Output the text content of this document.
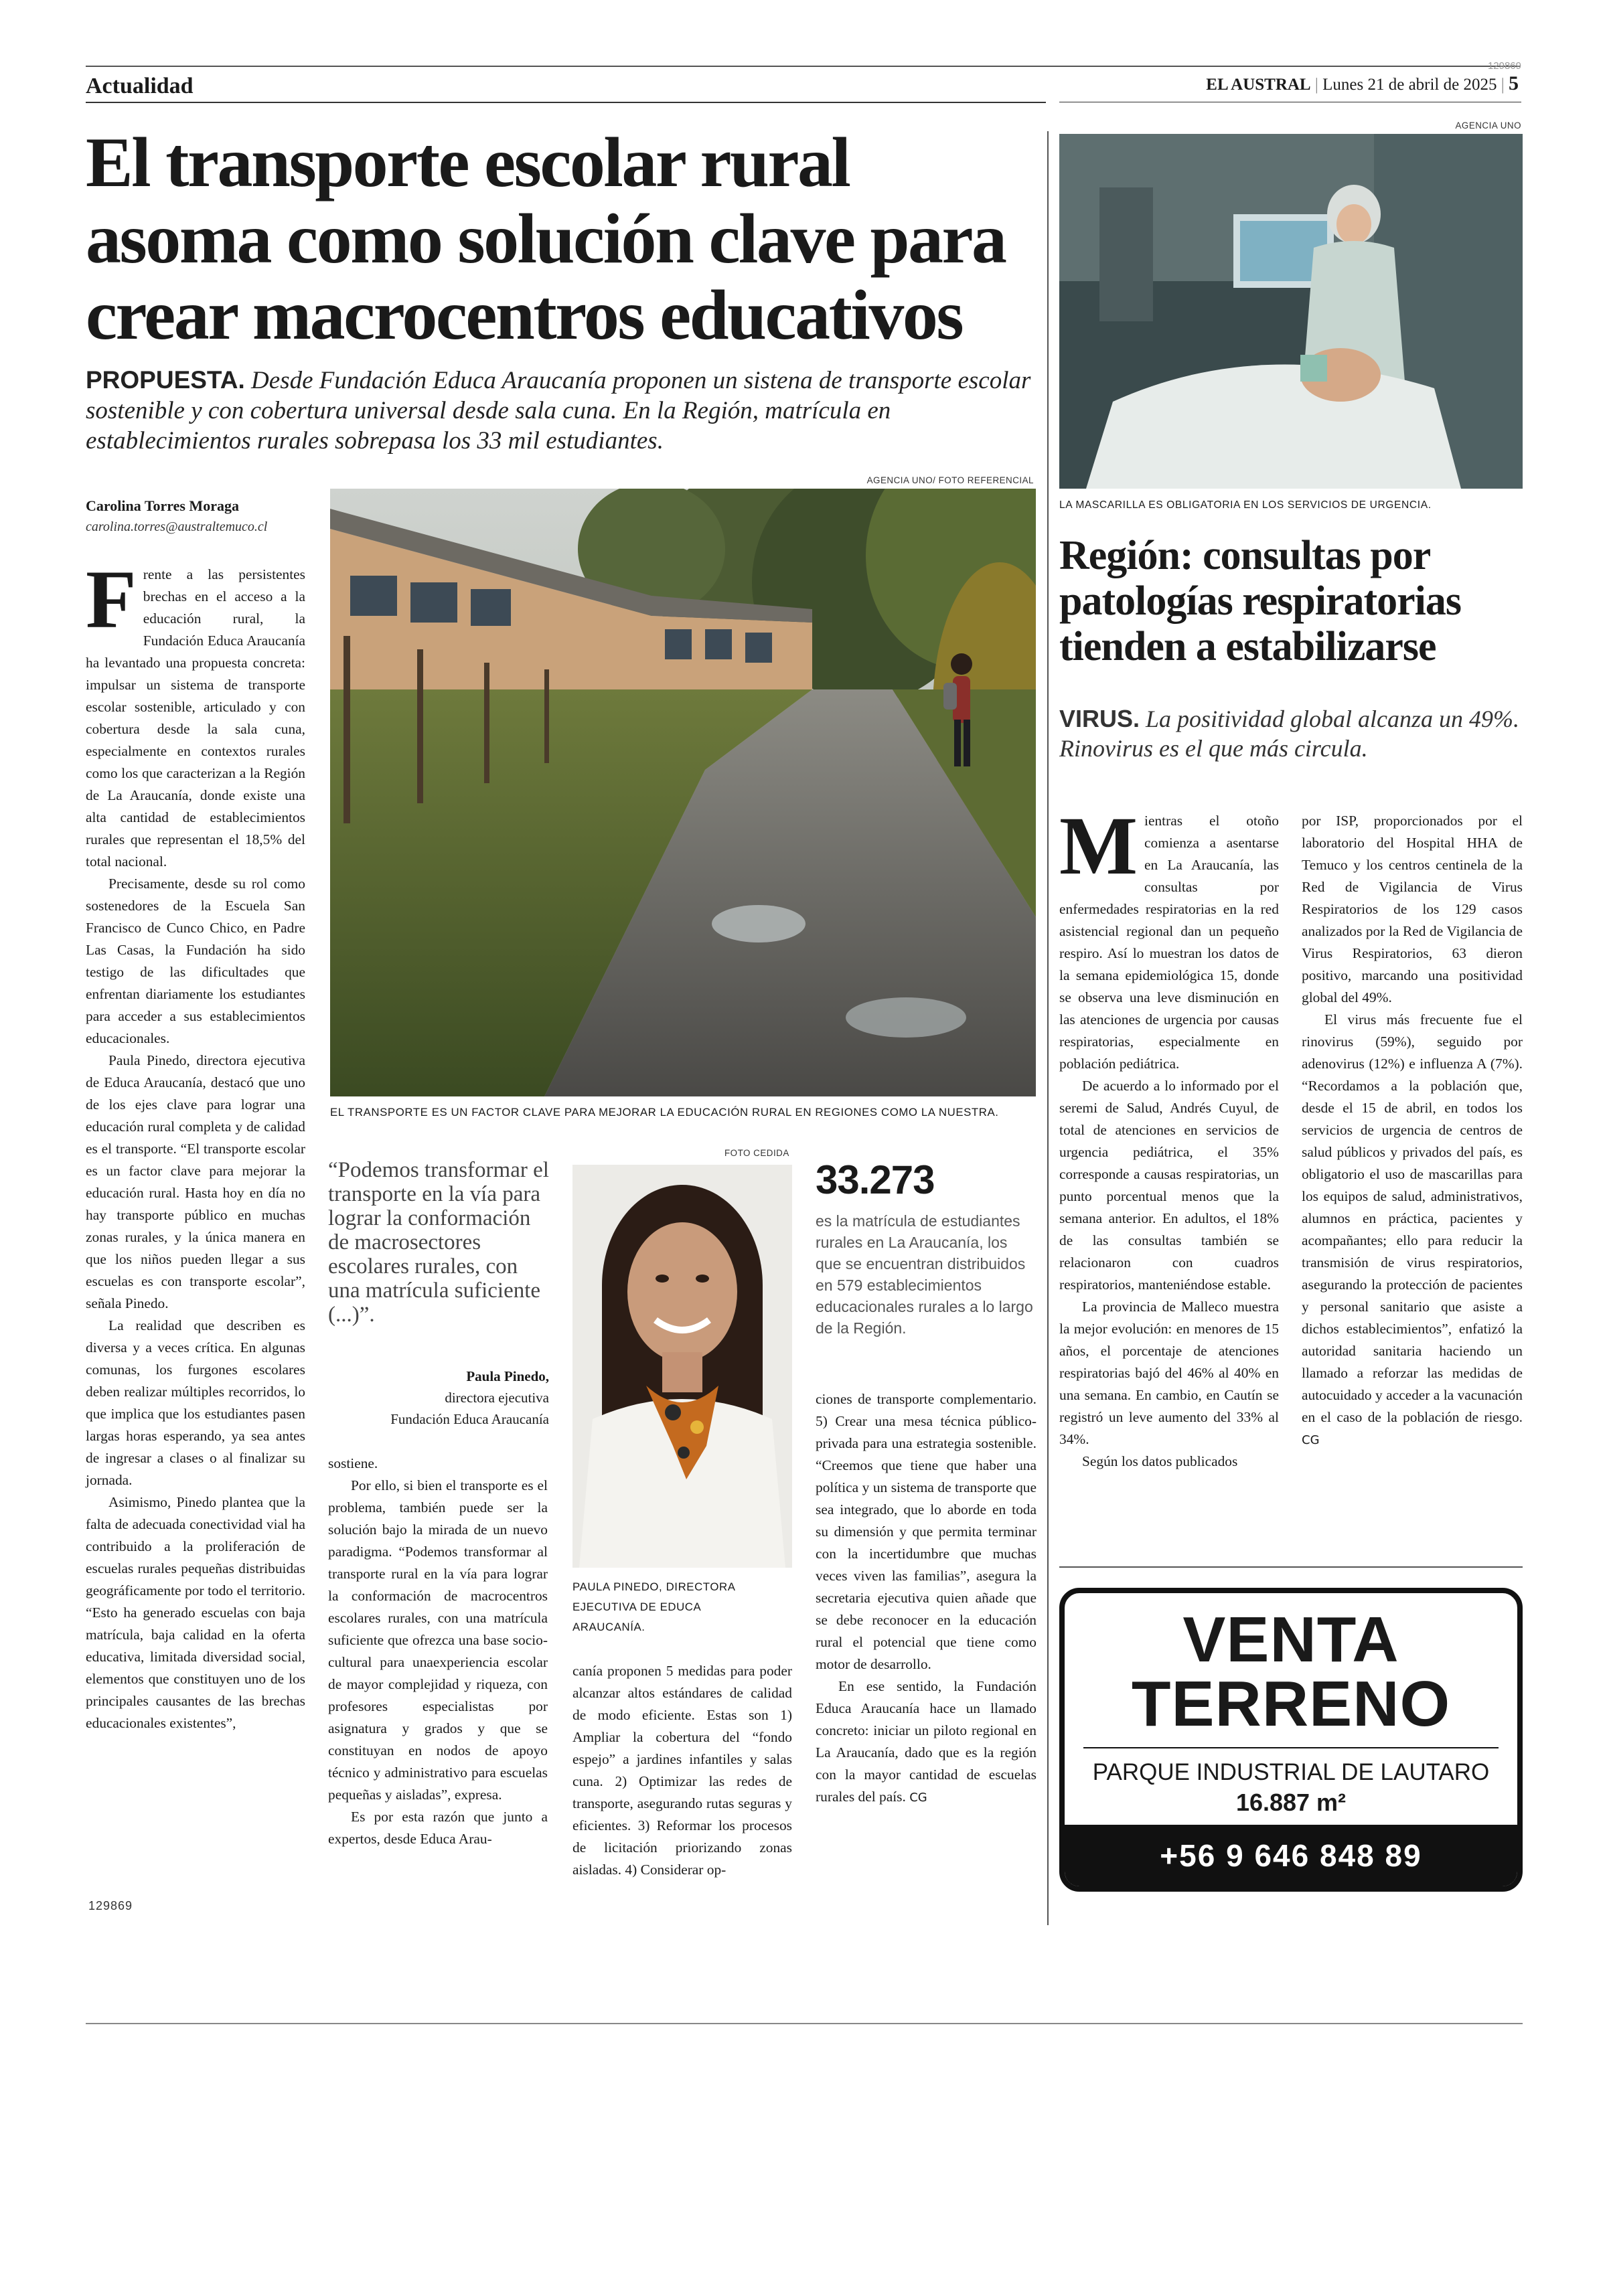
Actualidad	EL AUSTRAL | Lunes 21 de abril de 2025 | 5
129869
El transporte escolar rural
asoma como solución clave para
crear macrocentros educativos
PROPUESTA. Desde Fundación Educa Araucanía proponen un sistena de transporte escolar sostenible y con cobertura universal desde sala cuna. En la Región, matrícula en establecimientos rurales sobrepasa los 33 mil estudiantes.
Carolina Torres Moraga
carolina.torres@australtemuco.cl
AGENCIA UNO/ FOTO REFERENCIAL
EL TRANSPORTE ES UN FACTOR CLAVE PARA MEJORAR LA EDUCACIÓN RURAL EN REGIONES COMO LA NUESTRA.

Frente a las persistentes brechas en el acceso a la educación rural, la Fundación Educa Araucanía ha levantado una propuesta concreta: impulsar un sistema de transporte escolar sostenible, articulado y con cobertura desde la sala cuna, especialmente en contextos rurales como los que caracterizan a la Región de La Araucanía, donde existe una alta cantidad de establecimientos rurales que representan el 18,5% del total nacional.

Precisamente, desde su rol como sostenedores de la Escuela San Francisco de Cunco Chico, en Padre Las Casas, la Fundación ha sido testigo de las dificultades que enfrentan diariamente los estudiantes para acceder a sus establecimientos educacionales.

Paula Pinedo, directora ejecutiva de Educa Araucanía, destacó que uno de los ejes clave para lograr una educación rural completa y de calidad es el transporte. “El transporte escolar es un factor clave para mejorar la educación rural. Hasta hoy en día no hay transporte público en muchas zonas rurales, y la única manera en que los niños pueden llegar a sus escuelas es con transporte escolar”, señala Pinedo.

La realidad que describen es diversa y a veces crítica. En algunas comunas, los furgones escolares deben realizar múltiples recorridos, lo que implica que los estudiantes pasen largas horas esperando, ya sea antes de ingresar a clases o al finalizar su jornada.

Asimismo, Pinedo plantea que la falta de adecuada conectividad vial ha contribuido a la proliferación de escuelas rurales pequeñas distribuidas geográficamente por todo el territorio. “Esto ha generado escuelas con baja matrícula, baja calidad en la oferta educativa, limitada diversidad social, elementos que constituyen uno de los principales causantes de las brechas educacionales existentes”,

129869
“Podemos transformar el transporte en la vía para lograr la conformación de macrosectores escolares rurales, con una matrícula suficiente (...)”.
Paula Pinedo,
directora ejecutiva
Fundación Educa Araucanía

sostiene.

Por ello, si bien el transporte es el problema, también puede ser la solución bajo la mirada de un nuevo paradigma. “Podemos transformar al transporte rural en la vía para lograr la conformación de macrocentros escolares rurales, con una matrícula suficiente que ofrezca una base socio-cultural para unaexperiencia escolar de mayor complejidad y riqueza, con profesores especialistas por asignatura y grados y que se constituyan en nodos de apoyo técnico y administrativo para escuelas pequeñas y aisladas”, expresa.

Es por esta razón que junto a expertos, desde Educa Arau-

FOTO CEDIDA
PAULA PINEDO, DIRECTORA EJECUTIVA DE EDUCA ARAUCANÍA.

canía proponen 5 medidas para poder alcanzar altos estándares de calidad de modo eficiente. Estas son 1) Ampliar la cobertura del “fondo espejo” a jardines infantiles y salas cuna. 2) Optimizar las redes de transporte, asegurando rutas seguras y eficientes. 3) Reformar los procesos de licitación priorizando zonas aisladas. 4) Considerar op-

33.273
es la matrícula de estudiantes rurales en La Araucanía, los que se encuentran distribuidos en 579 establecimientos educacionales rurales a lo largo de la Región.

ciones de transporte complementario. 5) Crear una mesa técnica público-privada para una estrategia sostenible. “Creemos que tiene que haber una política y un sistema de transporte que sea integrado, que lo aborde en toda su dimensión y que permita terminar con la incertidumbre que muchas veces viven las familias”, asegura la secretaria ejecutiva quien añade que se debe reconocer en la educación rural el potencial que tiene como motor de desarrollo.

En ese sentido, la Fundación Educa Araucanía hace un llamado concreto: iniciar un piloto regional en La Araucanía, dado que es la región con la mayor cantidad de escuelas rurales del país. CG

AGENCIA UNO
LA MASCARILLA ES OBLIGATORIA EN LOS SERVICIOS DE URGENCIA.
Región: consultas por
patologías respiratorias
tienden a estabilizarse
VIRUS. La positividad global alcanza un 49%. Rinovirus es el que más circula.

Mientras el otoño comienza a asentarse en La Araucanía, las consultas por enfermedades respiratorias en la red asistencial regional dan un pequeño respiro. Así lo muestran los datos de la semana epidemiológica 15, donde se observa una leve disminución en las atenciones de urgencia por causas respiratorias, especialmente en población pediátrica.

De acuerdo a lo informado por el seremi de Salud, Andrés Cuyul, de total de atenciones en servicios de urgencia pediátrica, el 35% corresponde a causas respiratorias, un punto porcentual menos que la semana anterior. En adultos, el 18% de las consultas también se relacionaron con cuadros respiratorios, manteniéndose estable.

La provincia de Malleco muestra la mejor evolución: en menores de 15 años, el porcentaje de atenciones respiratorias bajó del 46% al 40% en una semana. En cambio, en Cautín se registró un leve aumento del 33% al 34%.

Según los datos publicados

por ISP, proporcionados por el laboratorio del Hospital HHA de Temuco y los centros centinela de la Red de Vigilancia de Virus Respiratorios de los 129 casos analizados por la Red de Vigilancia de Virus Respiratorios, 63 dieron positivo, marcando una positividad global del 49%.

El virus más frecuente fue el rinovirus (59%), seguido por adenovirus (12%) e influenza A (7%). “Recordamos a la población que, desde el 15 de abril, en todos los servicios de urgencia de centros de salud públicos y privados del país, es obligatorio el uso de mascarillas para los equipos de salud, administrativos, alumnos en práctica, pacientes y acompañantes; ello para reducir la transmisión de virus respiratorios, asegurando la protección de pacientes y personal sanitario que asiste a dichos establecimientos”, enfatizó la autoridad sanitaria haciendo un llamado a reforzar las medidas de autocuidado y acceder a la vacunación en el caso de la población de riesgo. CG

VENTA
TERRENO
PARQUE INDUSTRIAL DE LAUTARO
16.887 m²
+56 9 646 848 89
